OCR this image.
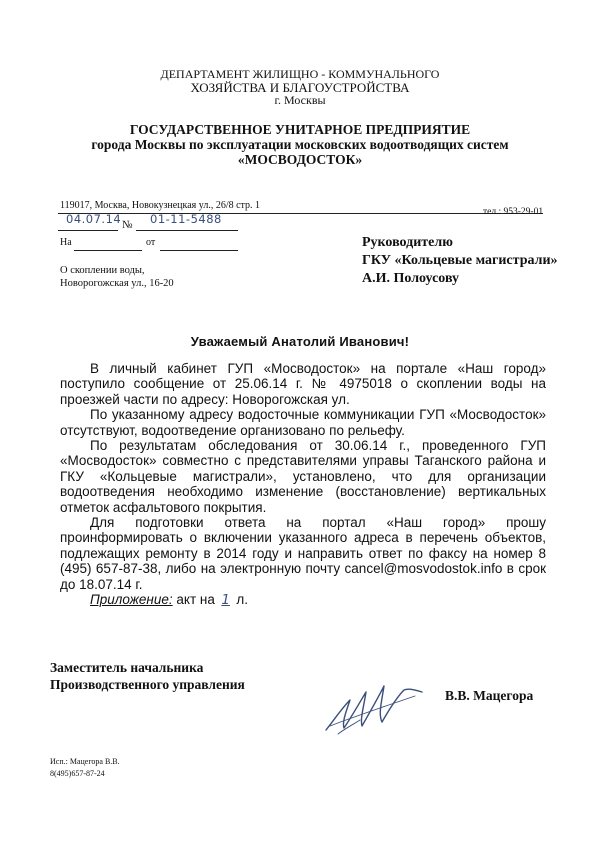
ДЕПАРТАМЕНТ ЖИЛИЩНО - КОММУНАЛЬНОГО
ХОЗЯЙСТВА И БЛАГОУСТРОЙСТВА
г. Москвы
ГОСУДАРСТВЕННОЕ УНИТАРНОЕ ПРЕДПРИЯТИЕ
города Москвы по эксплуатации московских водоотводящих систем
«МОСВОДОСТОК»
119017, Москва, Новокузнецкая ул., 26/8 стр. 1

тел.: 953-29-01
04.07.14 № 01-11-5488
На	от
О скоплении воды,
Новорогожская ул., 16-20
Руководителю
ГКУ «Кольцевые магистрали»
А.И. Полоусову
Уважаемый Анатолий Иванович!

В личный кабинет ГУП «Мосводосток» на портале «Наш город» поступило сообщение от 25.06.14 г. № 4975018 о скоплении воды на проезжей части по адресу: Новорогожская ул.

По указанному адресу водосточные коммуникации ГУП «Мосводосток» отсутствуют, водоотведение организовано по рельефу.

По результатам обследования от 30.06.14 г., проведенного ГУП «Мосводосток» совместно с представителями управы Таганского района и ГКУ «Кольцевые магистрали», установлено, что для организации водоотведения необходимо изменение (восстановление) вертикальных отметок асфальтового покрытия.

Для подготовки ответа на портал «Наш город» прошу проинформировать о включении указанного адреса в перечень объектов, подлежащих ремонту в 2014 году и направить ответ по факсу на номер 8 (495) 657-87-38, либо на электронную почту cancel@mosvodostok.info в срок до 18.07.14 г.

Приложение: акт на 1 л.
Заместитель начальника
Производственного управления
В.В. Мацегора
Исп.: Мацегора В.В.
8(495)657-87-24
